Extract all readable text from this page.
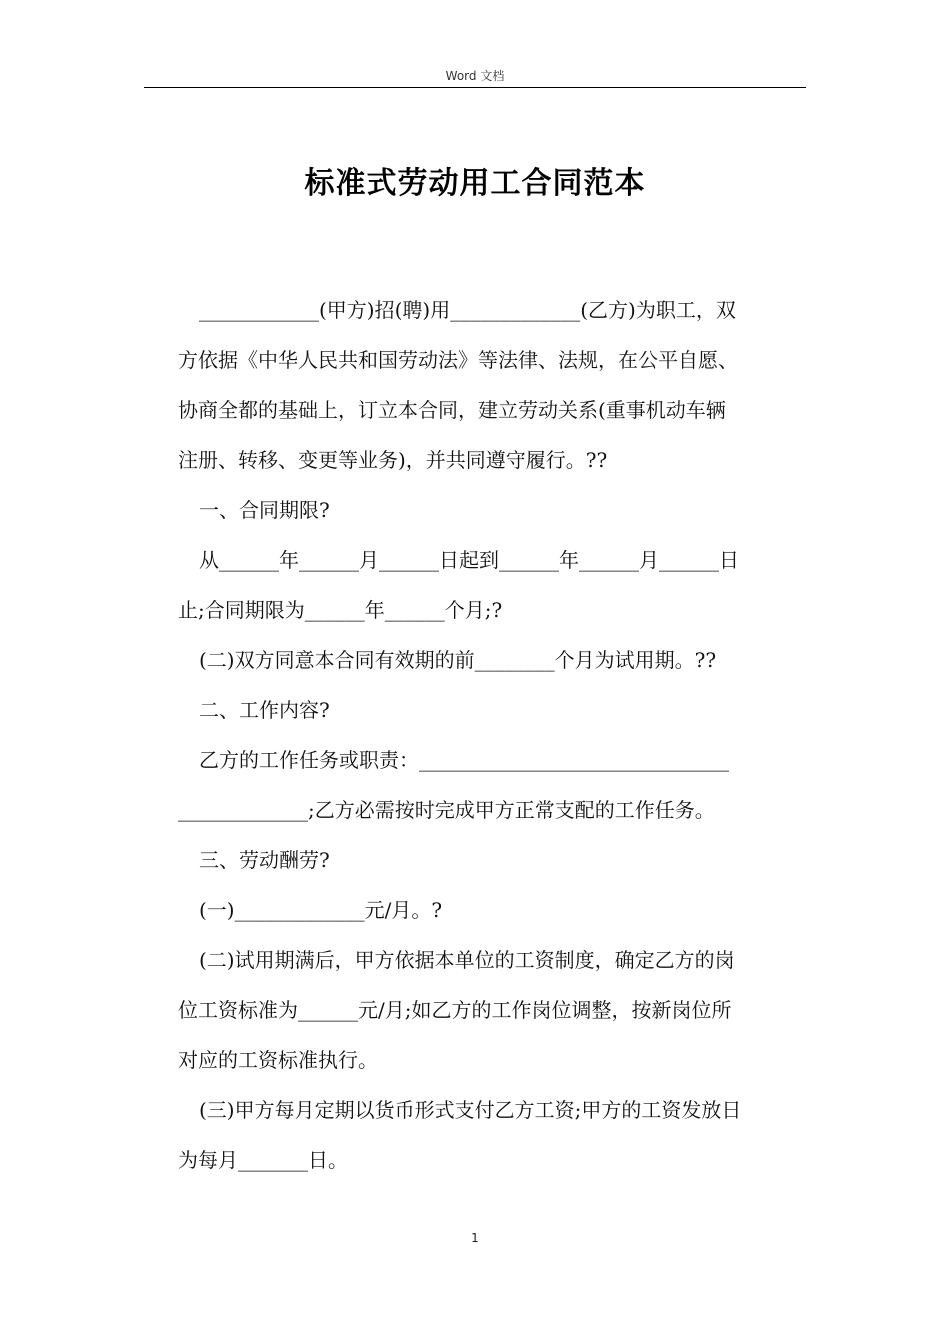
Word 文档
标准式劳动用工合同范本
____________(甲方)招(聘)用_____________(乙方)为职工，双
方依据《中华人民共和国劳动法》等法律、法规，在公平自愿、
协商全都的基础上，订立本合同，建立劳动关系(重事机动车辆
注册、转移、变更等业务)，并共同遵守履行。??
一、合同期限?
从______年______月______日起到______年______月______日
止;合同期限为______年______个月;?
(二)双方同意本合同有效期的前________个月为试用期。??
二、工作内容?
乙方的工作任务或职责：_______________________________
_____________;乙方必需按时完成甲方正常支配的工作任务。
三、劳动酬劳?
(一)_____________元/月。?
(二)试用期满后，甲方依据本单位的工资制度，确定乙方的岗
位工资标准为______元/月;如乙方的工作岗位调整，按新岗位所
对应的工资标准执行。
(三)甲方每月定期以货币形式支付乙方工资;甲方的工资发放日
为每月_______日。
1
